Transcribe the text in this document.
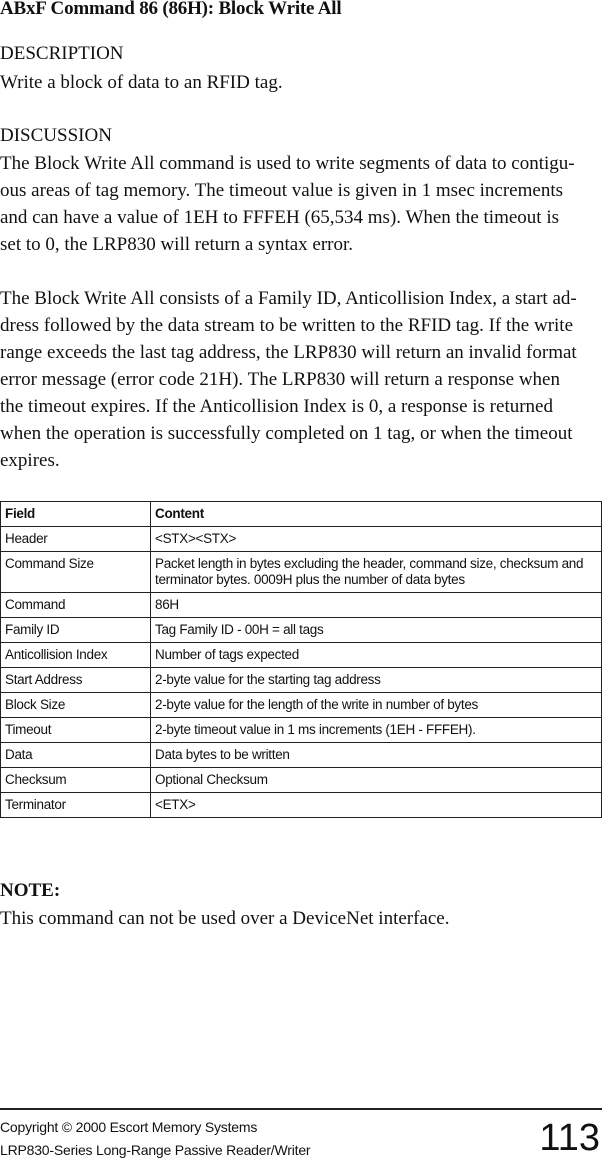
ABxF Command 86 (86H): Block Write All
DESCRIPTION
Write a block of data to an RFID tag.
DISCUSSION
The Block Write All command is used to write segments of data to contigu-
ous areas of tag memory. The timeout value is given in 1 msec increments
and can have a value of 1EH to FFFEH (65,534 ms). When the timeout is
set to 0, the LRP830 will return a syntax error.
The Block Write All consists of a Family ID, Anticollision Index, a start ad-
dress followed by the data stream to be written to the RFID tag. If the write
range exceeds the last tag address, the LRP830 will return an invalid format
error message (error code 21H). The LRP830 will return a response when
the timeout expires. If the Anticollision Index is 0, a response is returned
when the operation is successfully completed on 1 tag, or when the timeout
expires.
Field	Content
Header	<STX><STX>
Command Size	Packet length in bytes excluding the header, command size, checksum and terminator bytes. 0009H plus the number of data bytes
Command	86H
Family ID	Tag Family ID - 00H = all tags
Anticollision Index	Number of tags expected
Start Address	2-byte value for the starting tag address
Block Size	2-byte value for the length of the write in number of bytes
Timeout	2-byte timeout value in 1 ms increments (1EH - FFFEH).
Data	Data bytes to be written
Checksum	Optional Checksum
Terminator	<ETX>
NOTE:
This command can not be used over a DeviceNet interface.
Copyright © 2000 Escort Memory Systems
LRP830-Series Long-Range Passive Reader/Writer	113
